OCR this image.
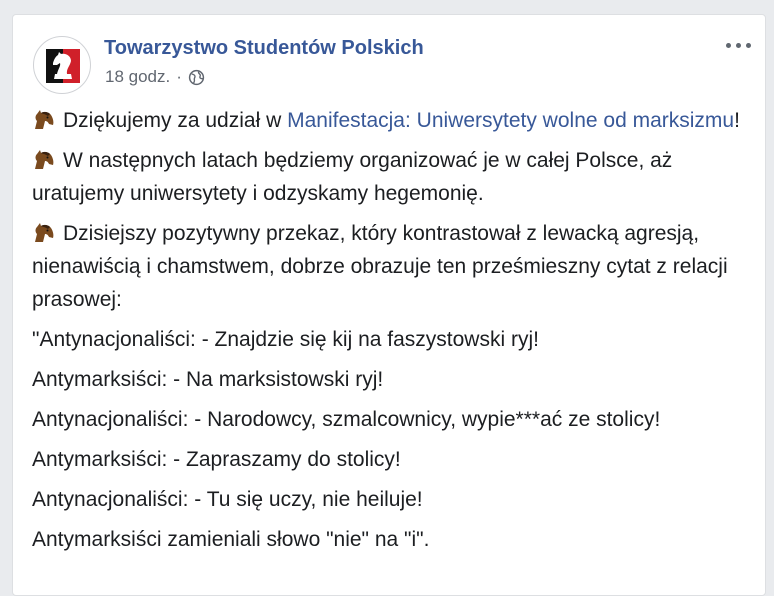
Towarzystwo Studentów Polskich
18 godz. ·

Dziękujemy za udział w Manifestacja: Uniwersytety wolne od marksizmu!

W następnych latach będziemy organizować je w całej Polsce, aż uratujemy uniwersytety i odzyskamy hegemonię.

Dzisiejszy pozytywny przekaz, który kontrastował z lewacką agresją, nienawiścią i chamstwem, dobrze obrazuje ten prześmieszny cytat z relacji prasowej:

"Antynacjonaliści: - Znajdzie się kij na faszystowski ryj!

Antymarksiści: - Na marksistowski ryj!

Antynacjonaliści: - Narodowcy, szmalcownicy, wypie***ać ze stolicy!

Antymarksiści: - Zapraszamy do stolicy!

Antynacjonaliści: - Tu się uczy, nie heiluje!

Antymarksiści zamieniali słowo "nie" na "i".
